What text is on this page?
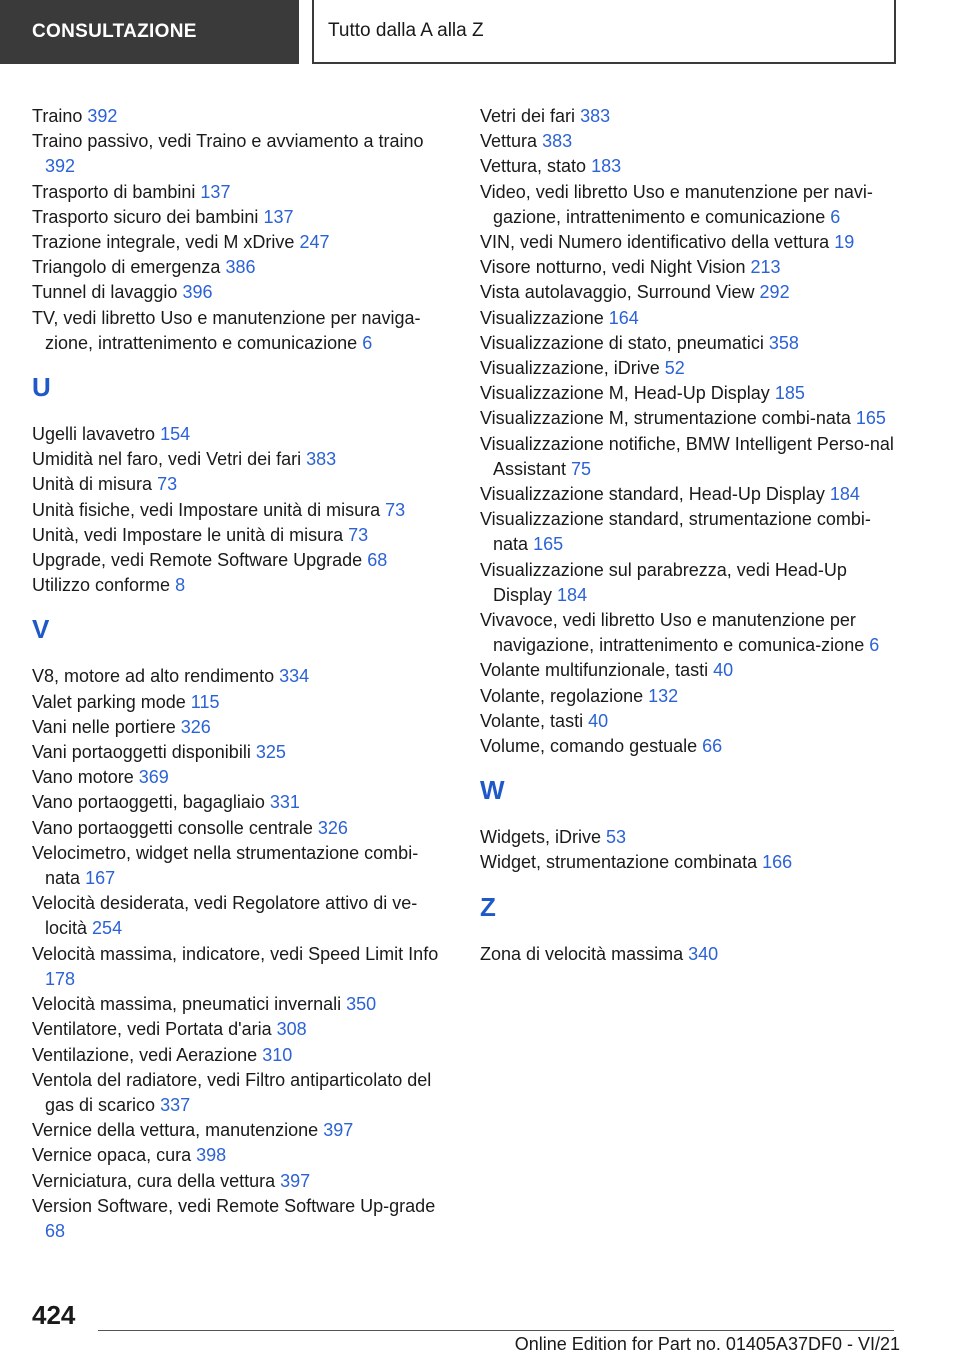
CONSULTAZIONE	Tutto dalla A alla Z
Traino 392
Traino passivo, vedi Traino e avviamento a traino 392
Trasporto di bambini 137
Trasporto sicuro dei bambini 137
Trazione integrale, vedi M xDrive 247
Triangolo di emergenza 386
Tunnel di lavaggio 396
TV, vedi libretto Uso e manutenzione per naviga-zione, intrattenimento e comunicazione 6
U
Ugelli lavavetro 154
Umidità nel faro, vedi Vetri dei fari 383
Unità di misura 73
Unità fisiche, vedi Impostare unità di misura 73
Unità, vedi Impostare le unità di misura 73
Upgrade, vedi Remote Software Upgrade 68
Utilizzo conforme 8
V
V8, motore ad alto rendimento 334
Valet parking mode 115
Vani nelle portiere 326
Vani portaoggetti disponibili 325
Vano motore 369
Vano portaoggetti, bagagliaio 331
Vano portaoggetti consolle centrale 326
Velocimetro, widget nella strumentazione combi-nata 167
Velocità desiderata, vedi Regolatore attivo di ve-locità 254
Velocità massima, indicatore, vedi Speed Limit Info 178
Velocità massima, pneumatici invernali 350
Ventilatore, vedi Portata d'aria 308
Ventilazione, vedi Aerazione 310
Ventola del radiatore, vedi Filtro antiparticolato del gas di scarico 337
Vernice della vettura, manutenzione 397
Vernice opaca, cura 398
Verniciatura, cura della vettura 397
Version Software, vedi Remote Software Up-grade 68
Vetri dei fari 383
Vettura 383
Vettura, stato 183
Video, vedi libretto Uso e manutenzione per navi-gazione, intrattenimento e comunicazione 6
VIN, vedi Numero identificativo della vettura 19
Visore notturno, vedi Night Vision 213
Vista autolavaggio, Surround View 292
Visualizzazione 164
Visualizzazione di stato, pneumatici 358
Visualizzazione, iDrive 52
Visualizzazione M, Head-Up Display 185
Visualizzazione M, strumentazione combi-nata 165
Visualizzazione notifiche, BMW Intelligent Perso-nal Assistant 75
Visualizzazione standard, Head-Up Display 184
Visualizzazione standard, strumentazione combi-nata 165
Visualizzazione sul parabrezza, vedi Head-Up Display 184
Vivavoce, vedi libretto Uso e manutenzione per navigazione, intrattenimento e comunica-zione 6
Volante multifunzionale, tasti 40
Volante, regolazione 132
Volante, tasti 40
Volume, comando gestuale 66
W
Widgets, iDrive 53
Widget, strumentazione combinata 166
Z
Zona di velocità massima 340
424
Online Edition for Part no. 01405A37DF0 - VI/21
